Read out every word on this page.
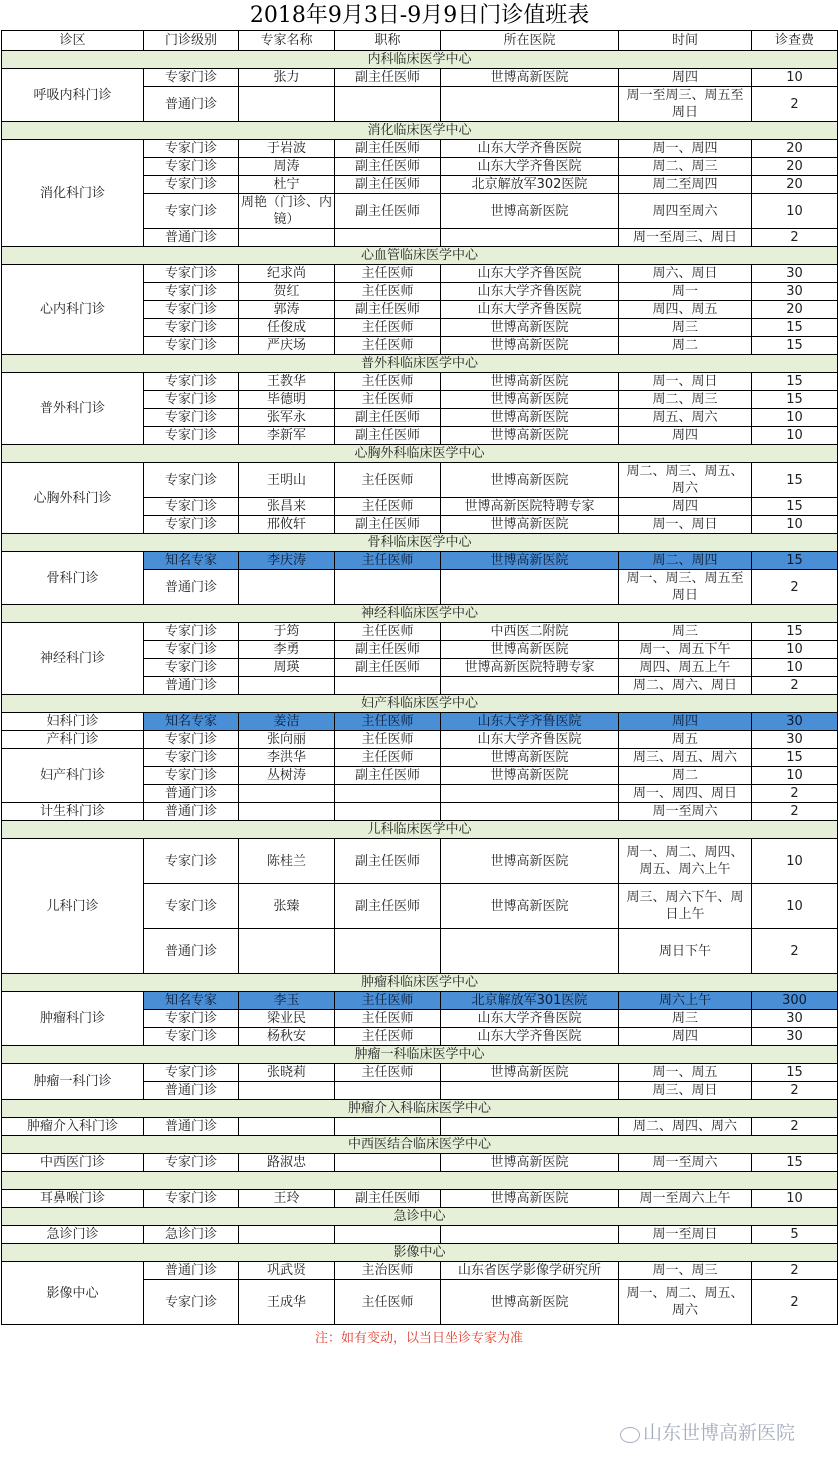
2018年9月3日-9月9日门诊值班表						
诊区	门诊级别	专家名称	职称	所在医院	时间	诊查费
内科临床医学中心						
呼吸内科门诊	专家门诊	张力	副主任医师	世博高新医院	周四	10
	普通门诊				周一至周三、周五至周日	2
消化临床医学中心						
消化科门诊	专家门诊	于岩波	副主任医师	山东大学齐鲁医院	周一、周四	20
	专家门诊	周涛	副主任医师	山东大学齐鲁医院	周二、周三	20
	专家门诊	杜宁	副主任医师	北京解放军302医院	周二至周四	20
	专家门诊	周艳（门诊、内镜）	副主任医师	世博高新医院	周四至周六	10
	普通门诊				周一至周三、周日	2
心血管临床医学中心						
心内科门诊	专家门诊	纪求尚	主任医师	山东大学齐鲁医院	周六、周日	30
	专家门诊	贺红	主任医师	山东大学齐鲁医院	周一	30
	专家门诊	郭涛	副主任医师	山东大学齐鲁医院	周四、周五	20
	专家门诊	任俊成	主任医师	世博高新医院	周三	15
	专家门诊	严庆场	主任医师	世博高新医院	周二	15
普外科临床医学中心						
普外科门诊	专家门诊	王教华	主任医师	世博高新医院	周一、周日	15
	专家门诊	毕德明	主任医师	世博高新医院	周二、周三	15
	专家门诊	张军永	副主任医师	世博高新医院	周五、周六	10
	专家门诊	李新军	副主任医师	世博高新医院	周四	10
心胸外科临床医学中心						
心胸外科门诊	专家门诊	王明山	主任医师	世博高新医院	周二、周三、周五、周六	15
	专家门诊	张昌来	主任医师	世博高新医院特聘专家	周四	15
	专家门诊	邢攸轩	副主任医师	世博高新医院	周一、周日	10
骨科临床医学中心						
骨科门诊	知名专家	李庆涛	主任医师	世博高新医院	周二、周四	15
	普通门诊				周一、周三、周五至周日	2
神经科临床医学中心						
神经科门诊	专家门诊	于筠	主任医师	中西医二附院	周三	15
	专家门诊	李勇	副主任医师	世博高新医院	周一、周五下午	10
	专家门诊	周瑛	副主任医师	世博高新医院特聘专家	周四、周五上午	10
	普通门诊				周二、周六、周日	2
妇产科临床医学中心						
妇科门诊	知名专家	姜洁	主任医师	山东大学齐鲁医院	周四	30
产科门诊	专家门诊	张向丽	主任医师	山东大学齐鲁医院	周五	30
妇产科门诊	专家门诊	李洪华	主任医师	世博高新医院	周三、周五、周六	15
	专家门诊	丛树涛	副主任医师	世博高新医院	周二	10
	普通门诊				周一、周四、周日	2
计生科门诊	普通门诊				周一至周六	2
儿科临床医学中心						
儿科门诊	专家门诊	陈桂兰	副主任医师	世博高新医院	周一、周二、周四、周五、周六上午	10
	专家门诊	张臻	副主任医师	世博高新医院	周三、周六下午、周日上午	10
	普通门诊				周日下午	2
肿瘤科临床医学中心						
肿瘤科门诊	知名专家	李玉	主任医师	北京解放军301医院	周六上午	300
	专家门诊	梁业民	主任医师	山东大学齐鲁医院	周三	30
	专家门诊	杨秋安	主任医师	山东大学齐鲁医院	周四	30
肿瘤一科临床医学中心						
肿瘤一科门诊	专家门诊	张晓莉	主任医师	世博高新医院	周一、周五	15
	普通门诊				周三、周日	2
肿瘤介入科临床医学中心						
肿瘤介入科门诊	普通门诊				周二、周四、周六	2
中西医结合临床医学中心						
中西医门诊	专家门诊	路淑忠		世博高新医院	周一至周六	15

耳鼻喉门诊	专家门诊	王玲	副主任医师	世博高新医院	周一至周六上午	10
急诊中心						
急诊门诊	急诊门诊				周一至周日	5
影像中心						
影像中心	普通门诊	巩武贤	主治医师	山东省医学影像学研究所	周一、周三	2
	专家门诊	王成华	主任医师	世博高新医院	周一、周二、周五、周六	2
注：如有变动，以当日坐诊专家为准
山东世博高新医院
